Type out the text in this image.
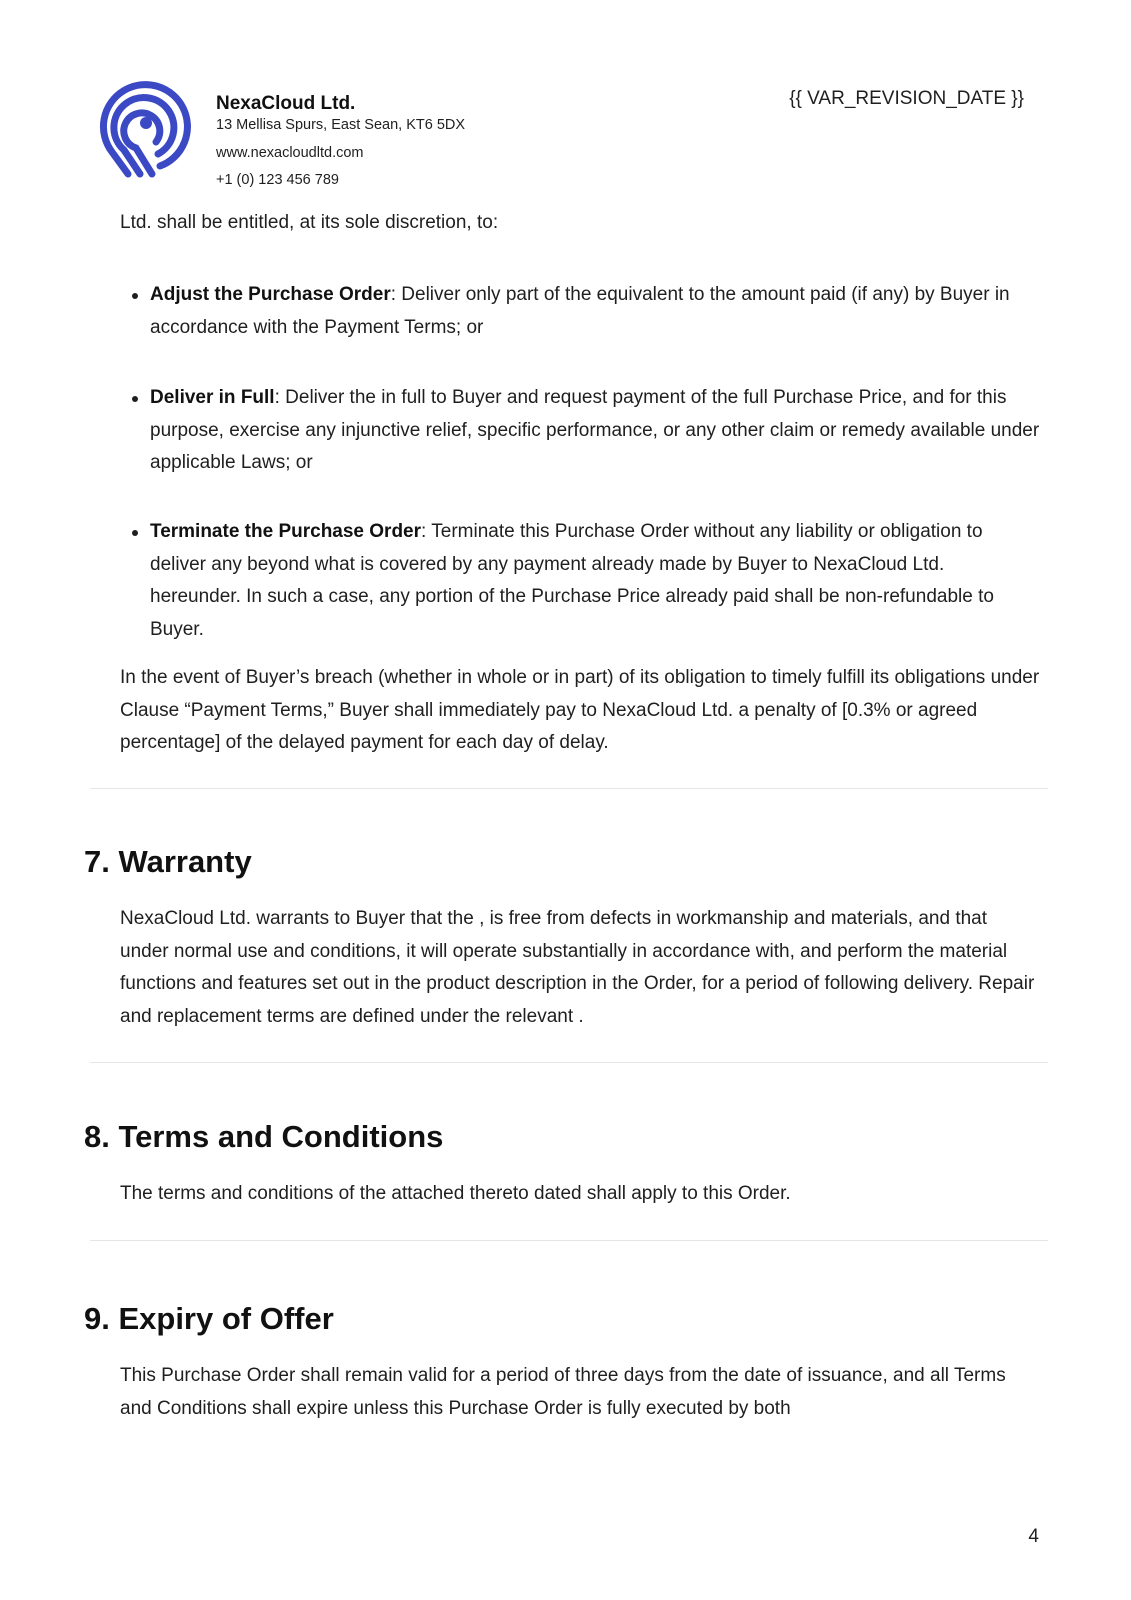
NexaCloud Ltd.
13 Mellisa Spurs, East Sean, KT6 5DX
www.nexacloudltd.com
+1 (0) 123 456 789
{{ VAR_REVISION_DATE }}
Ltd. shall be entitled, at its sole discretion, to:
Adjust the Purchase Order: Deliver only part of the equivalent to the amount paid (if any) by Buyer in accordance with the Payment Terms; or
Deliver in Full: Deliver the in full to Buyer and request payment of the full Purchase Price, and for this purpose, exercise any injunctive relief, specific performance, or any other claim or remedy available under applicable Laws; or
Terminate the Purchase Order: Terminate this Purchase Order without any liability or obligation to deliver any beyond what is covered by any payment already made by Buyer to NexaCloud Ltd. hereunder. In such a case, any portion of the Purchase Price already paid shall be non-refundable to Buyer.
In the event of Buyer’s breach (whether in whole or in part) of its obligation to timely fulfill its obligations under Clause “Payment Terms,” Buyer shall immediately pay to NexaCloud Ltd. a penalty of [0.3% or agreed percentage] of the delayed payment for each day of delay.
7. Warranty
NexaCloud Ltd. warrants to Buyer that the , is free from defects in workmanship and materials, and that under normal use and conditions, it will operate substantially in accordance with, and perform the material functions and features set out in the product description in the Order, for a period of following delivery. Repair and replacement terms are defined under the relevant .
8. Terms and Conditions
The terms and conditions of the attached thereto dated shall apply to this Order.
9. Expiry of Offer
This Purchase Order shall remain valid for a period of three days from the date of issuance, and all Terms and Conditions shall expire unless this Purchase Order is fully executed by both
4
